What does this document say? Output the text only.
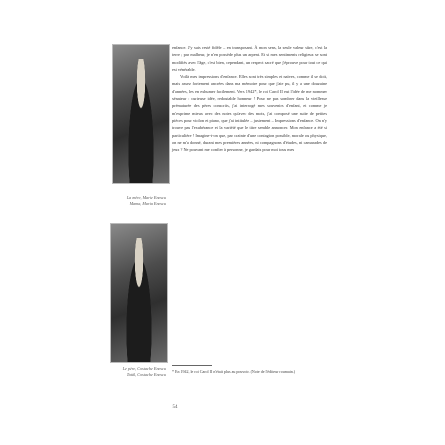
La mère, Marie Enescu
Mama, Maria Enescu
Le père, Costache Enescu
Tatăl, Costache Enescu

enfance. J'y suis resté fidèle – en transposant. À mon sens, la seule valeur sûre, c'est la terre ; par malheur, je n'en possède plus un arpent. Et si mes sentiments religieux se sont modifiés avec l'âge, c'est bien, cependant, un respect sacré que j'éprouve pour tout ce qui est vénérable.

Voilà mes impressions d'enfance. Elles sont très simples et naïves, comme il se doit, mais assez fortement ancrées dans ma mémoire pour que j'aie pu, il y a une douzaine d'années, les en exhumer facilement. Vers 1942*, le roi Carol II eut l'idée de me nommer sénateur : curieuse idée, redoutable honneur ! Pour ne pas sombrer dans la vieillesse prématurée des pères conscrits, j'ai interrogé mes souvenirs d'enfant, et comme je m'exprime mieux avec des notes qu'avec des mots, j'ai composé une suite de petites pièces pour violon et piano, que j'ai intitulée – justement – Impressions d'enfance. On n'y trouve pas l'exubérance et la variété que le titre semble annoncer. Mon enfance a été si particulière ! Imagine-t-on que, par crainte d'une contagion possible, morale ou physique, on ne m'a donné, durant mes premières années, ni compagnons d'études, ni camarades de jeux ? Ne pouvant me confier à personne, je gardais pour moi tous mes

* En 1942, le roi Carol II n'était plus au pouvoir. (Note de l'éditeur roumain.)
54
